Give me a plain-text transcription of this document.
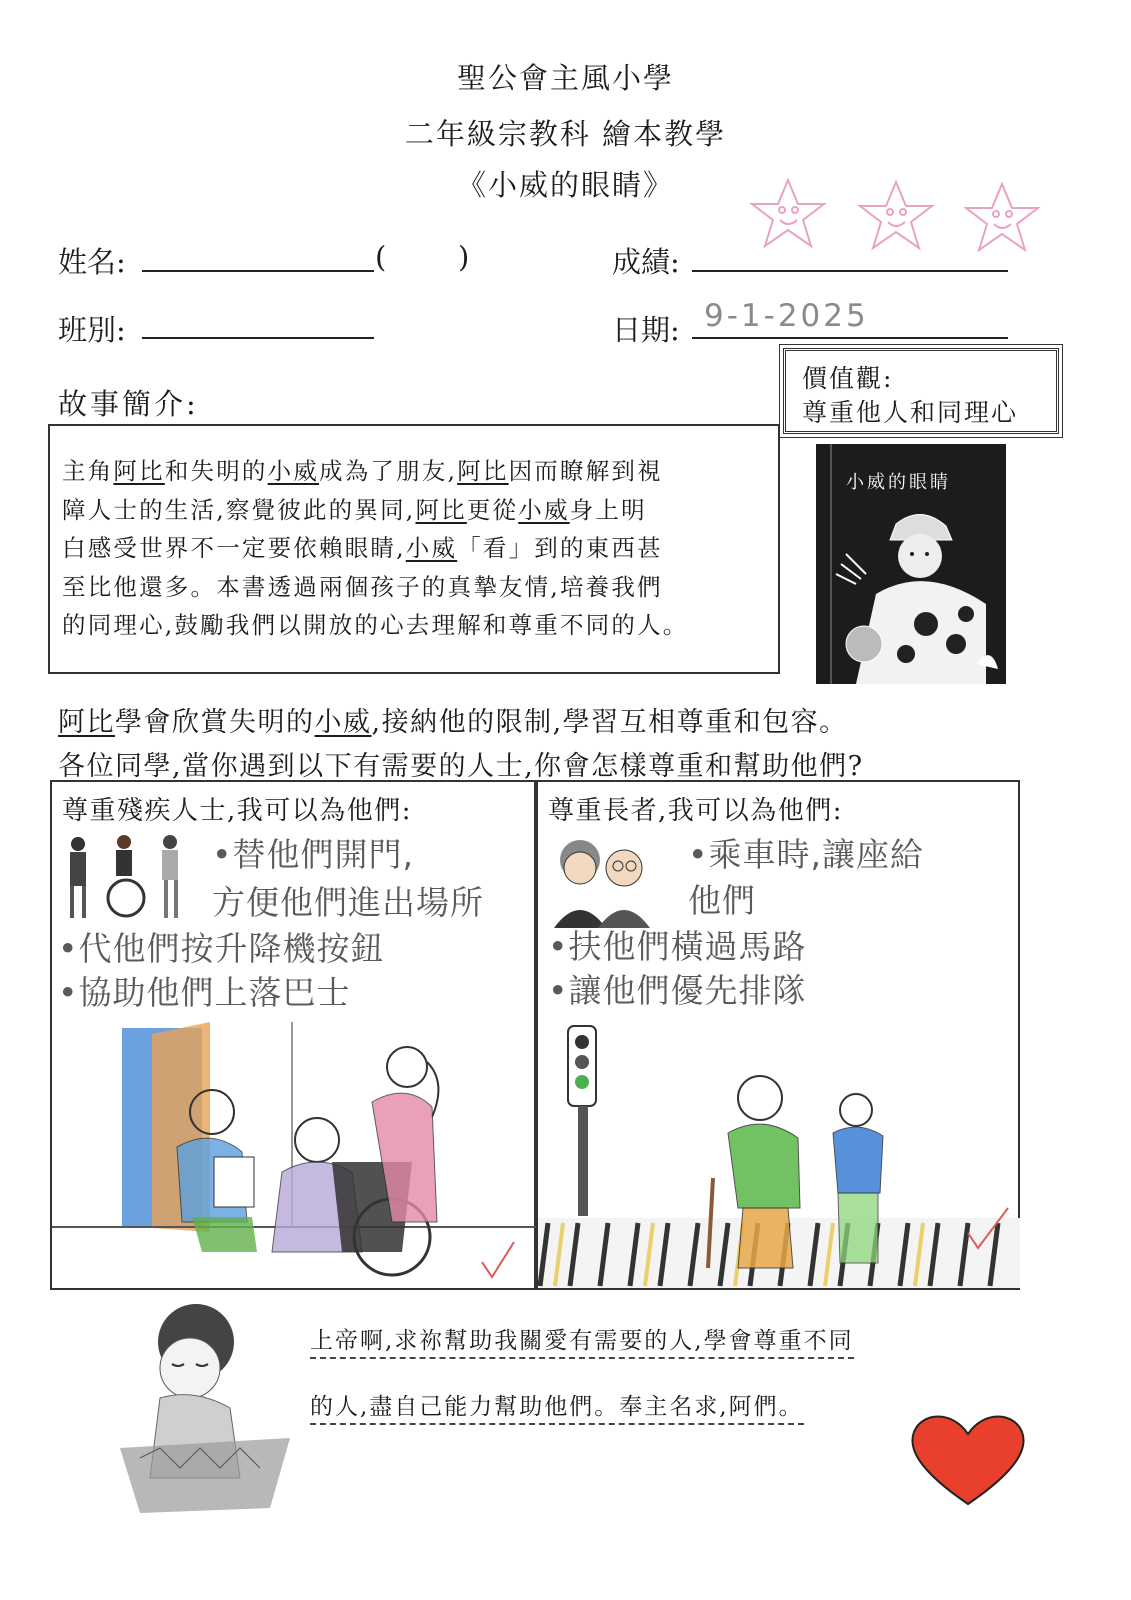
聖公會主風小學
二年級宗教科 繪本教學
《小威的眼睛》
姓名:	( )	成績:
班別:	日期: 9-1-2025
價值觀:
尊重他人和同理心
故事簡介:
主角阿比和失明的小威成為了朋友,阿比因而瞭解到視
障人士的生活,察覺彼此的異同,阿比更從小威身上明
白感受世界不一定要依賴眼睛,小威「看」到的東西甚
至比他還多。本書透過兩個孩子的真摯友情,培養我們
的同理心,鼓勵我們以開放的心去理解和尊重不同的人。
小威的眼睛
阿比學會欣賞失明的小威,接納他的限制,學習互相尊重和包容。
各位同學,當你遇到以下有需要的人士,你會怎樣尊重和幫助他們?
尊重殘疾人士,我可以為他們:
•替他們開門,
方便他們進出場所
•代他們按升降機按鈕
•協助他們上落巴士
尊重長者,我可以為他們:
•乘車時,讓座給
他們
•扶他們橫過馬路
•讓他們優先排隊
上帝啊,求祢幫助我關愛有需要的人,學會尊重不同
的人,盡自己能力幫助他們。奉主名求,阿們。
